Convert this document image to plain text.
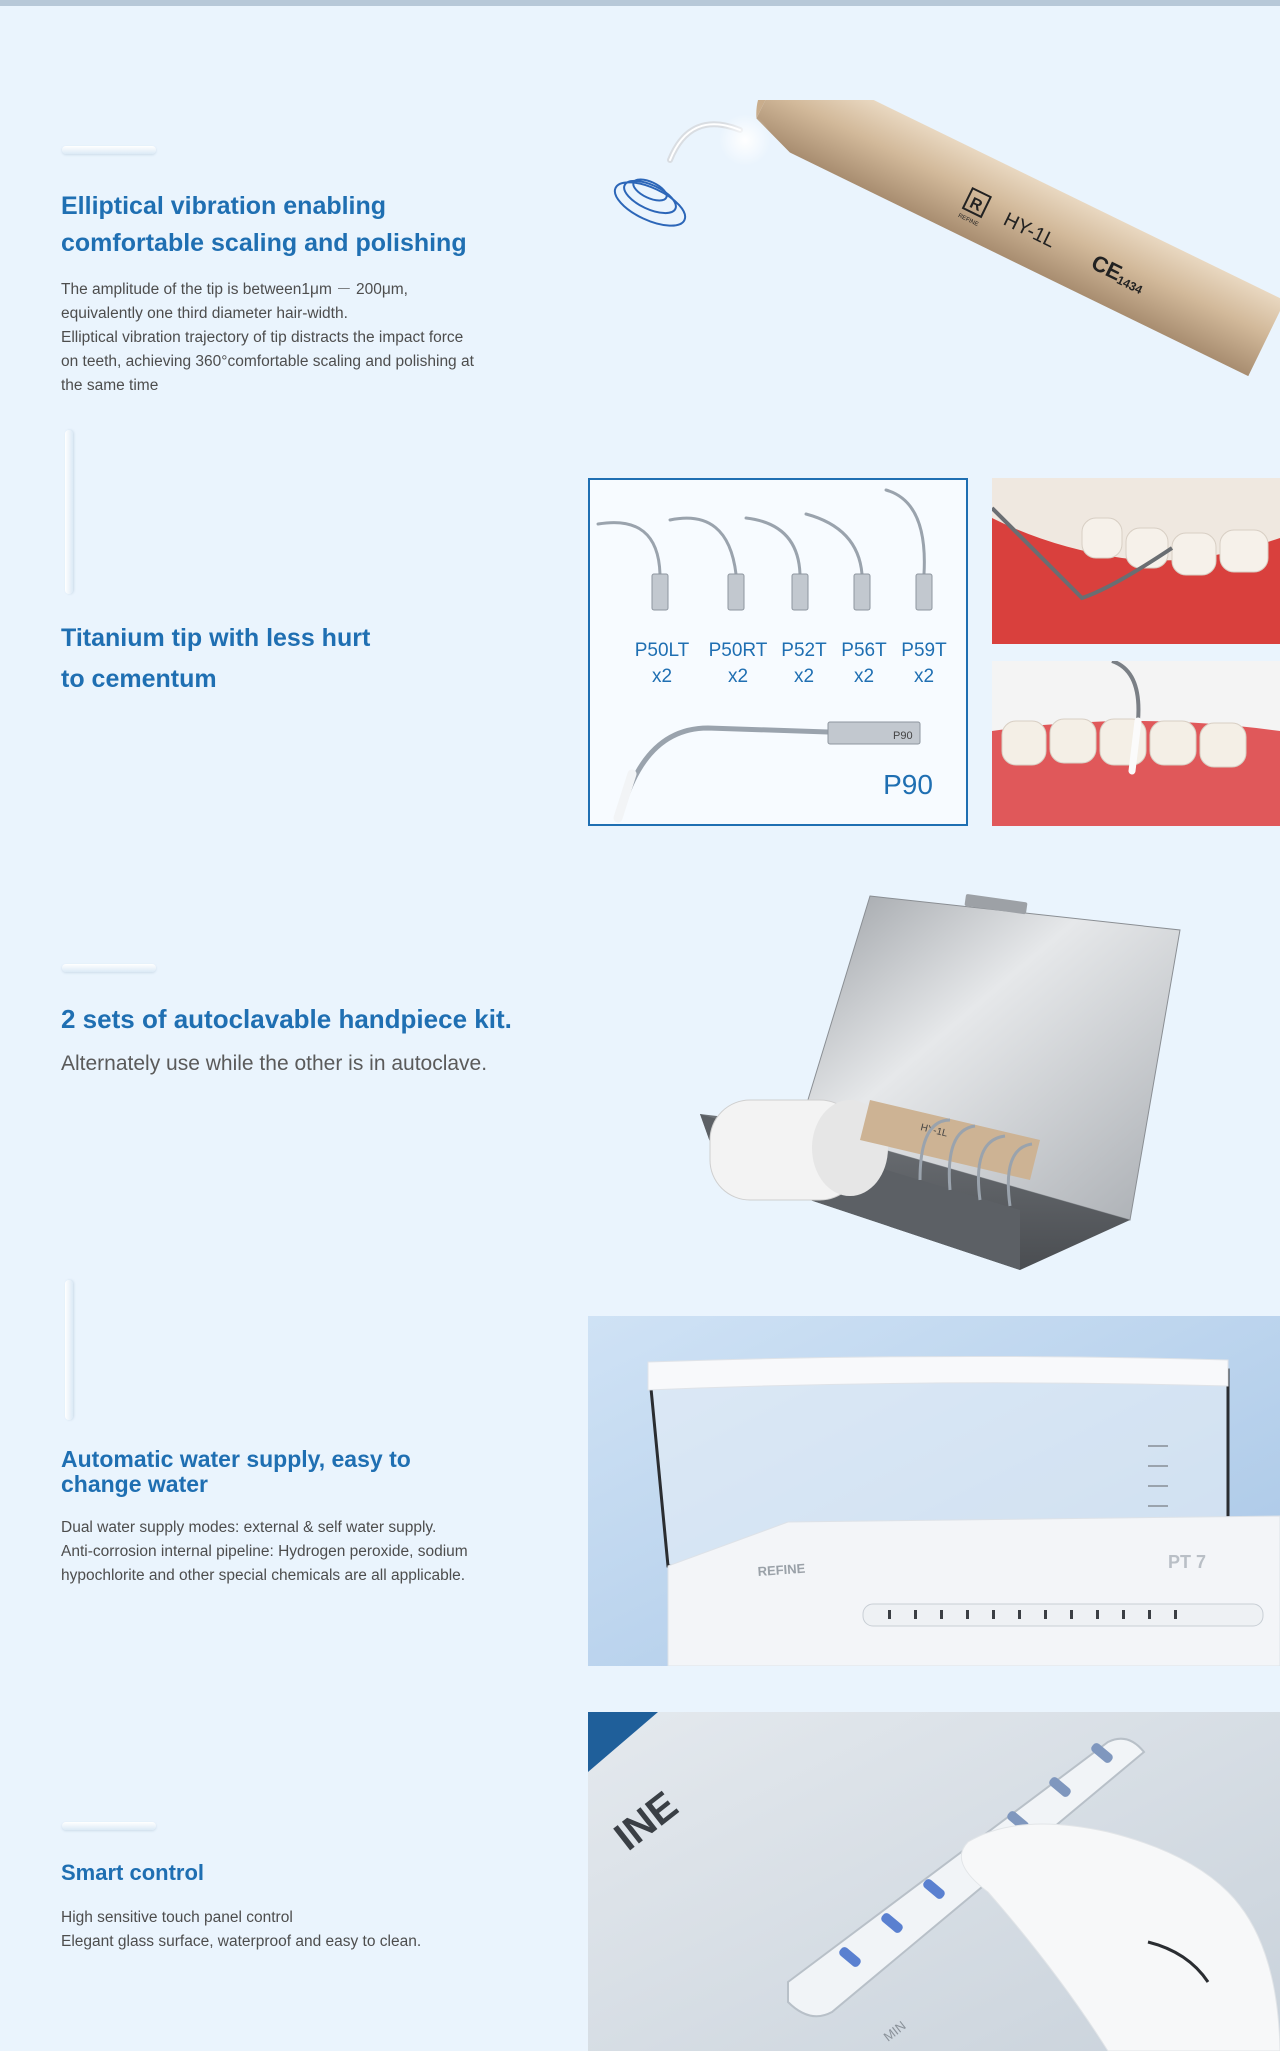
Elliptical vibration enabling
comfortable scaling and polishing

The amplitude of the tip is between1μm － 200μm,

equivalently one third diameter hair-width.

Elliptical vibration trajectory of tip distracts the impact force

on teeth, achieving 360°comfortable scaling and polishing at

the same time

R
REFINE HY-1L
CE
1434
Titanium tip with less hurt
to cementum
P50LT
x2
P50RT
x2
P52T
x2
P56T
x2
P59T
x2
P90
P90
2 sets of autoclavable handpiece kit.
Alternately use while the other is in autoclave.
HY-1L
Automatic water supply, easy to
change water

Dual water supply modes: external & self water supply.

Anti-corrosion internal pipeline: Hydrogen peroxide, sodium

hypochlorite and other special chemicals are all applicable.	REFINE	PT 7
Smart control

High sensitive touch panel control

Elegant glass surface, waterproof and easy to clean.

INE
MIN
